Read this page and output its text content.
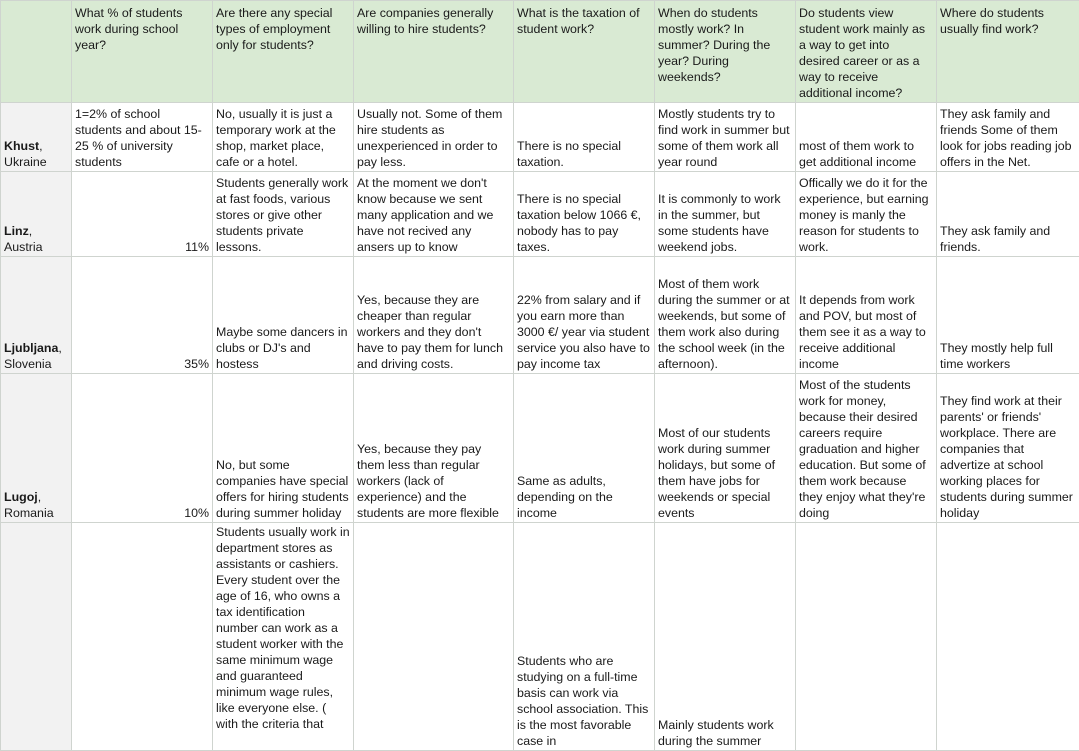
	What % of students work during school year?	Are there any special types of employment only for students?	Are companies generally willing to hire students?	What is the taxation of student work?	When do students mostly work? In summer? During the year? During weekends?	Do students view student work mainly as a way to get into desired career or as a way to receive additional income?	Where do students usually find work?
Khust,
Ukraine	1=2% of school students and about 15-25 % of university students	No, usually it is just a temporary work at the shop, market place, cafe or a hotel.	Usually not. Some of them hire students as unexperienced in order to pay less.	There is no special taxation.	Mostly students try to find work in summer but some of them work all year round	most of them work to get additional income	They ask family and friends Some of them look for jobs reading job offers in the Net.
Linz,
Austria	11%	Students generally work at fast foods, various stores or give other students private lessons.	At the moment we don't know because we sent many application and we have not recived any ansers up to know	There is no special taxation below 1066 €, nobody has to pay taxes.	It is commonly to work in the summer, but some students have weekend jobs.	Offically we do it for the experience, but earning money is manly the reason for students to work.	They ask family and friends.
Ljubljana,
Slovenia	35%	Maybe some dancers in clubs or DJ's and hostess	Yes, because they are cheaper than regular workers and they don't have to pay them for lunch and driving costs.	22% from salary and if you earn more than 3000 €/ year via student service you also have to pay income tax	Most of them work during the summer or at weekends, but some of them work also during the school week (in the afternoon).	It depends from work and POV, but most of them see it as a way to receive additional income	They mostly help full time workers
Lugoj,
Romania	10%	No, but some companies have special offers for hiring students during summer holiday	Yes, because they pay them less than regular workers (lack of experience) and the students are more flexible	Same as adults, depending on the income	Most of our students work during summer holidays, but some of them have jobs for weekends or special events	Most of the students work for money, because their desired careers require graduation and higher education. But some of them work because they enjoy what they're doing	They find work at their parents' or friends' workplace. There are companies that advertize at school working places for students during summer holiday
		Students usually work in department stores as assistants or cashiers. Every student over the age of 16, who owns a tax identification number can work as a student worker with the same minimum wage and guaranteed minimum wage rules, like everyone else. ( with the criteria that		Students who are studying on a full-time basis can work via school association. This is the most favorable case in	Mainly students work during the summer		
